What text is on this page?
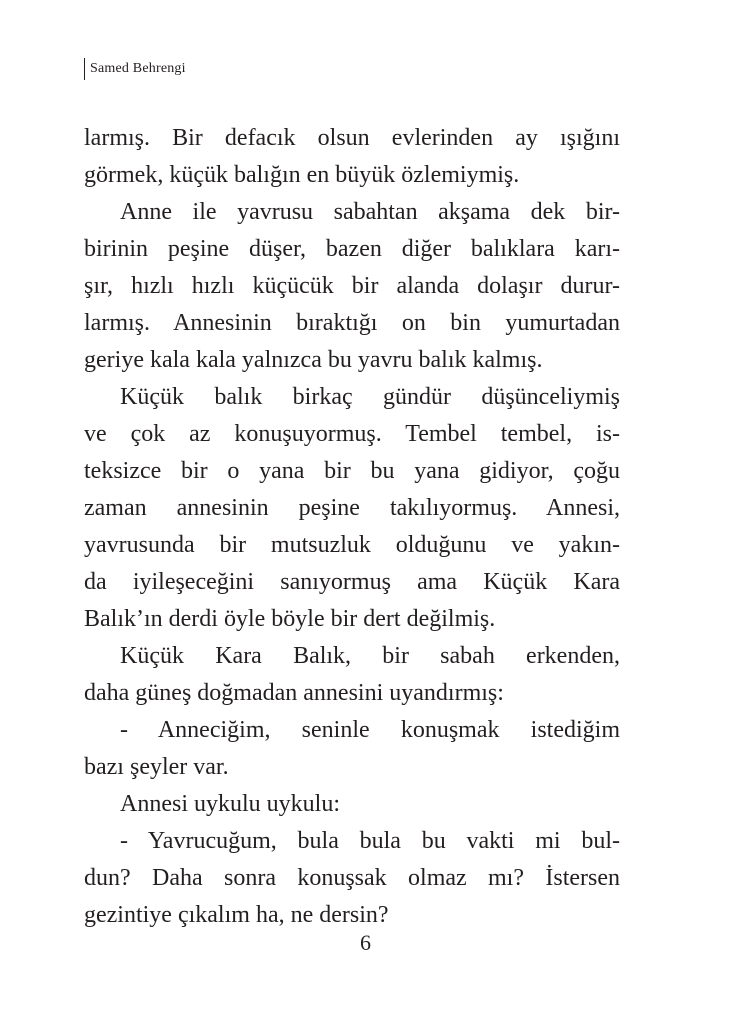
Samed Behrengi
larmış. Bir defacık olsun evlerinden ay ışığını
görmek, küçük balığın en büyük özlemiymiş.
Anne ile yavrusu sabahtan akşama dek bir-
birinin peşine düşer, bazen diğer balıklara karı-
şır, hızlı hızlı küçücük bir alanda dolaşır durur-
larmış. Annesinin bıraktığı on bin yumurtadan
geriye kala kala yalnızca bu yavru balık kalmış.
Küçük balık birkaç gündür düşünceliymiş
ve çok az konuşuyormuş. Tembel tembel, is-
teksizce bir o yana bir bu yana gidiyor, çoğu
zaman annesinin peşine takılıyormuş. Annesi,
yavrusunda bir mutsuzluk olduğunu ve yakın-
da iyileşeceğini sanıyormuş ama Küçük Kara
Balık’ın derdi öyle böyle bir dert değilmiş.
Küçük Kara Balık, bir sabah erkenden,
daha güneş doğmadan annesini uyandırmış:
- Anneciğim, seninle konuşmak istediğim
bazı şeyler var.
Annesi uykulu uykulu:
- Yavrucuğum, bula bula bu vakti mi bul-
dun? Daha sonra konuşsak olmaz mı? İstersen
gezintiye çıkalım ha, ne dersin?
6
